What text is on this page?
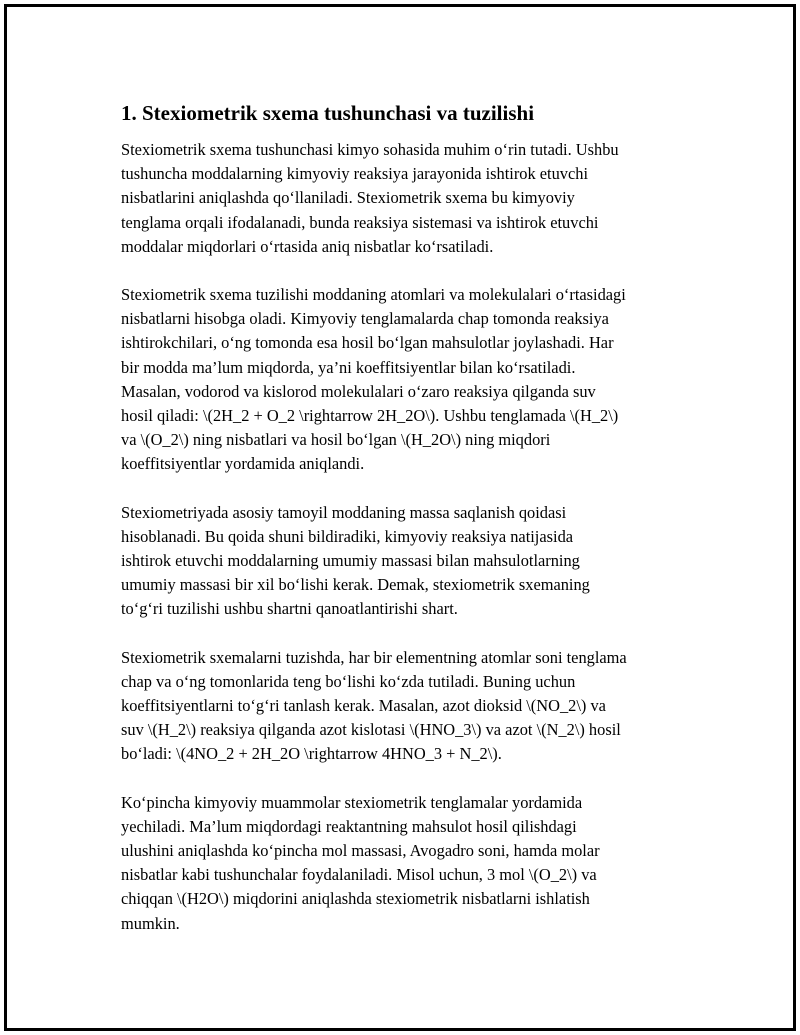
1. Stexiometrik sxema tushunchasi va tuzilishi

Stexiometrik sxema tushunchasi kimyo sohasida muhim o‘rin tutadi. Ushbu
tushuncha moddalarning kimyoviy reaksiya jarayonida ishtirok etuvchi
nisbatlarini aniqlashda qo‘llaniladi. Stexiometrik sxema bu kimyoviy
tenglama orqali ifodalanadi, bunda reaksiya sistemasi va ishtirok etuvchi
moddalar miqdorlari o‘rtasida aniq nisbatlar ko‘rsatiladi.

Stexiometrik sxema tuzilishi moddaning atomlari va molekulalari o‘rtasidagi
nisbatlarni hisobga oladi. Kimyoviy tenglamalarda chap tomonda reaksiya
ishtirokchilari, o‘ng tomonda esa hosil bo‘lgan mahsulotlar joylashadi. Har
bir modda ma’lum miqdorda, ya’ni koeffitsiyentlar bilan ko‘rsatiladi.
Masalan, vodorod va kislorod molekulalari o‘zaro reaksiya qilganda suv
hosil qiladi: \(2H_2 + O_2 \rightarrow 2H_2O\). Ushbu tenglamada \(H_2\)
va \(O_2\) ning nisbatlari va hosil bo‘lgan \(H_2O\) ning miqdori
koeffitsiyentlar yordamida aniqlandi.

Stexiometriyada asosiy tamoyil moddaning massa saqlanish qoidasi
hisoblanadi. Bu qoida shuni bildiradiki, kimyoviy reaksiya natijasida
ishtirok etuvchi moddalarning umumiy massasi bilan mahsulotlarning
umumiy massasi bir xil bo‘lishi kerak. Demak, stexiometrik sxemaning
to‘g‘ri tuzilishi ushbu shartni qanoatlantirishi shart.

Stexiometrik sxemalarni tuzishda, har bir elementning atomlar soni tenglama
chap va o‘ng tomonlarida teng bo‘lishi ko‘zda tutiladi. Buning uchun
koeffitsiyentlarni to‘g‘ri tanlash kerak. Masalan, azot dioksid \(NO_2\) va
suv \(H_2\) reaksiya qilganda azot kislotasi \(HNO_3\) va azot \(N_2\) hosil
bo‘ladi: \(4NO_2 + 2H_2O \rightarrow 4HNO_3 + N_2\).

Ko‘pincha kimyoviy muammolar stexiometrik tenglamalar yordamida
yechiladi. Ma’lum miqdordagi reaktantning mahsulot hosil qilishdagi
ulushini aniqlashda ko‘pincha mol massasi, Avogadro soni, hamda molar
nisbatlar kabi tushunchalar foydalaniladi. Misol uchun, 3 mol \(O_2\) va
chiqqan \(H2O\) miqdorini aniqlashda stexiometrik nisbatlarni ishlatish
mumkin.
